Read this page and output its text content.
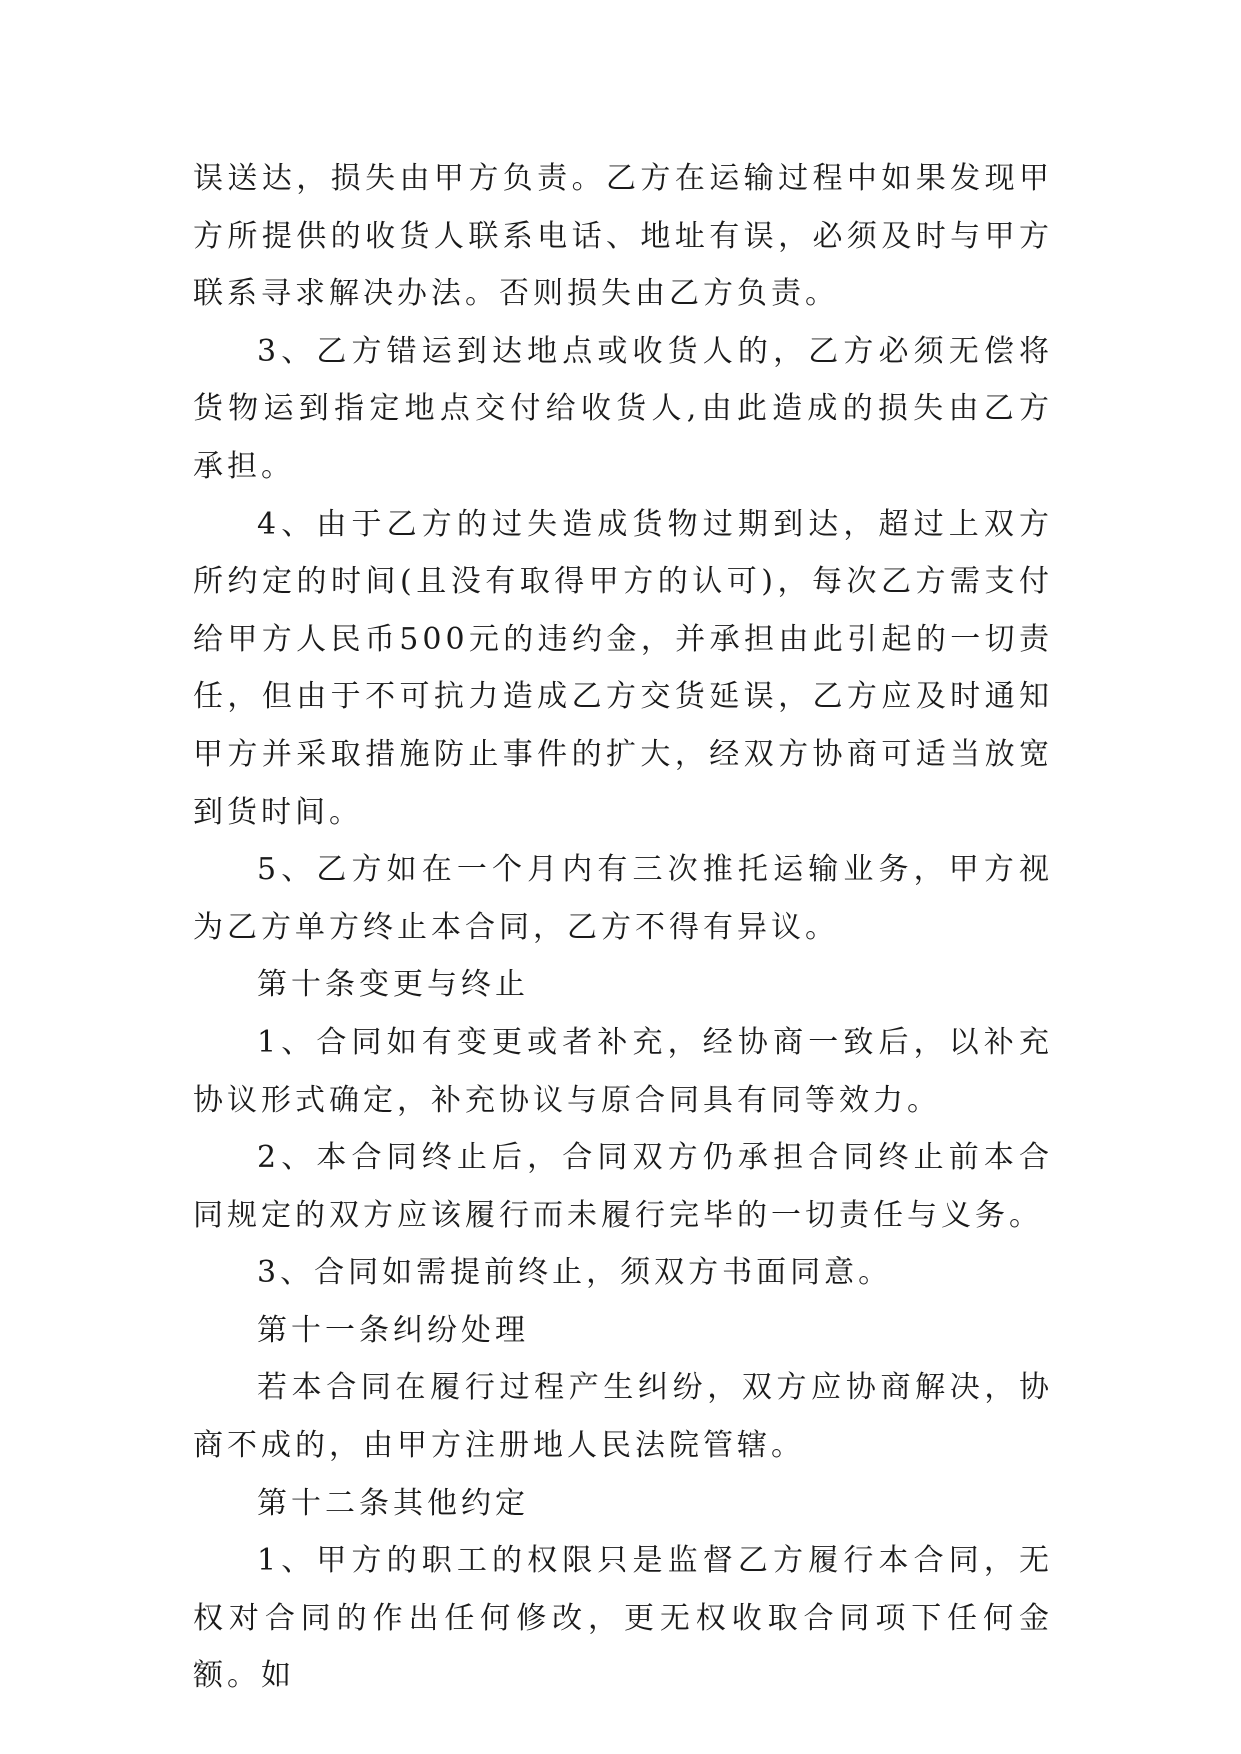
误送达，损失由甲方负责。乙方在运输过程中如果发现甲方所提供的收货人联系电话、地址有误，必须及时与甲方联系寻求解决办法。否则损失由乙方负责。

3、乙方错运到达地点或收货人的，乙方必须无偿将货物运到指定地点交付给收货人,由此造成的损失由乙方承担。

4、由于乙方的过失造成货物过期到达，超过上双方所约定的时间(且没有取得甲方的认可)，每次乙方需支付给甲方人民币500元的违约金，并承担由此引起的一切责任，但由于不可抗力造成乙方交货延误，乙方应及时通知甲方并采取措施防止事件的扩大，经双方协商可适当放宽到货时间。

5、乙方如在一个月内有三次推托运输业务，甲方视为乙方单方终止本合同，乙方不得有异议。

第十条变更与终止

1、合同如有变更或者补充，经协商一致后，以补充协议形式确定，补充协议与原合同具有同等效力。

2、本合同终止后，合同双方仍承担合同终止前本合同规定的双方应该履行而未履行完毕的一切责任与义务。

3、合同如需提前终止，须双方书面同意。

第十一条纠纷处理

若本合同在履行过程产生纠纷，双方应协商解决，协商不成的，由甲方注册地人民法院管辖。

第十二条其他约定

1、甲方的职工的权限只是监督乙方履行本合同，无权对合同的作出任何修改，更无权收取合同项下任何金额。如
